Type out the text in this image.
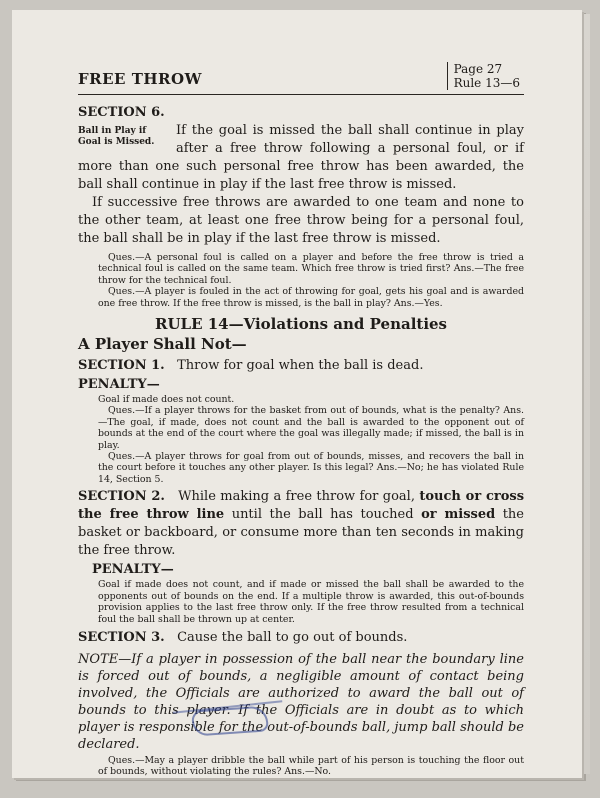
FREE THROW
Page 27
Rule 13—6

SECTION 6.

Ball in Play if
Goal is Missed.

If the goal is missed the ball shall continue in play after a free throw following a personal foul, or if more than one such personal free throw has been awarded, the ball shall continue in play if the last free throw is missed.

If successive free throws are awarded to one team and none to the other team, at least one free throw being for a personal foul, the ball shall be in play if the last free throw is missed.

Ques.—A personal foul is called on a player and before the free throw is tried a technical foul is called on the same team. Which free throw is tried first? Ans.—The free throw for the technical foul.

Ques.—A player is fouled in the act of throwing for goal, gets his goal and is awarded one free throw. If the free throw is missed, is the ball in play? Ans.—Yes.

RULE 14—Violations and Penalties
A Player Shall Not—

SECTION 1. Throw for goal when the ball is dead.

PENALTY—

Goal if made does not count.

Ques.—If a player throws for the basket from out of bounds, what is the penalty? Ans.—The goal, if made, does not count and the ball is awarded to the opponent out of bounds at the end of the court where the goal was illegally made; if missed, the ball is in play.

Ques.—A player throws for goal from out of bounds, misses, and recovers the ball in the court before it touches any other player. Is this legal? Ans.—No; he has violated Rule 14, Section 5.

SECTION 2. While making a free throw for goal, touch or cross the free throw line until the ball has touched or missed the basket or backboard, or consume more than ten seconds in making the free throw.

PENALTY—

Goal if made does not count, and if made or missed the ball shall be awarded to the opponents out of bounds on the end. If a multiple throw is awarded, this out-of-bounds provision applies to the last free throw only. If the free throw resulted from a technical foul the ball shall be thrown up at center.

SECTION 3. Cause the ball to go out of bounds.

NOTE—If a player in possession of the ball near the boundary line is forced out of bounds, a negligible amount of contact being involved, the Officials are authorized to award the ball out of bounds to this player. If the Officials are in doubt as to which player is responsible for the out-of-bounds ball, jump ball should be declared.

Ques.—May a player dribble the ball while part of his person is touching the floor out of bounds, without violating the rules? Ans.—No.
